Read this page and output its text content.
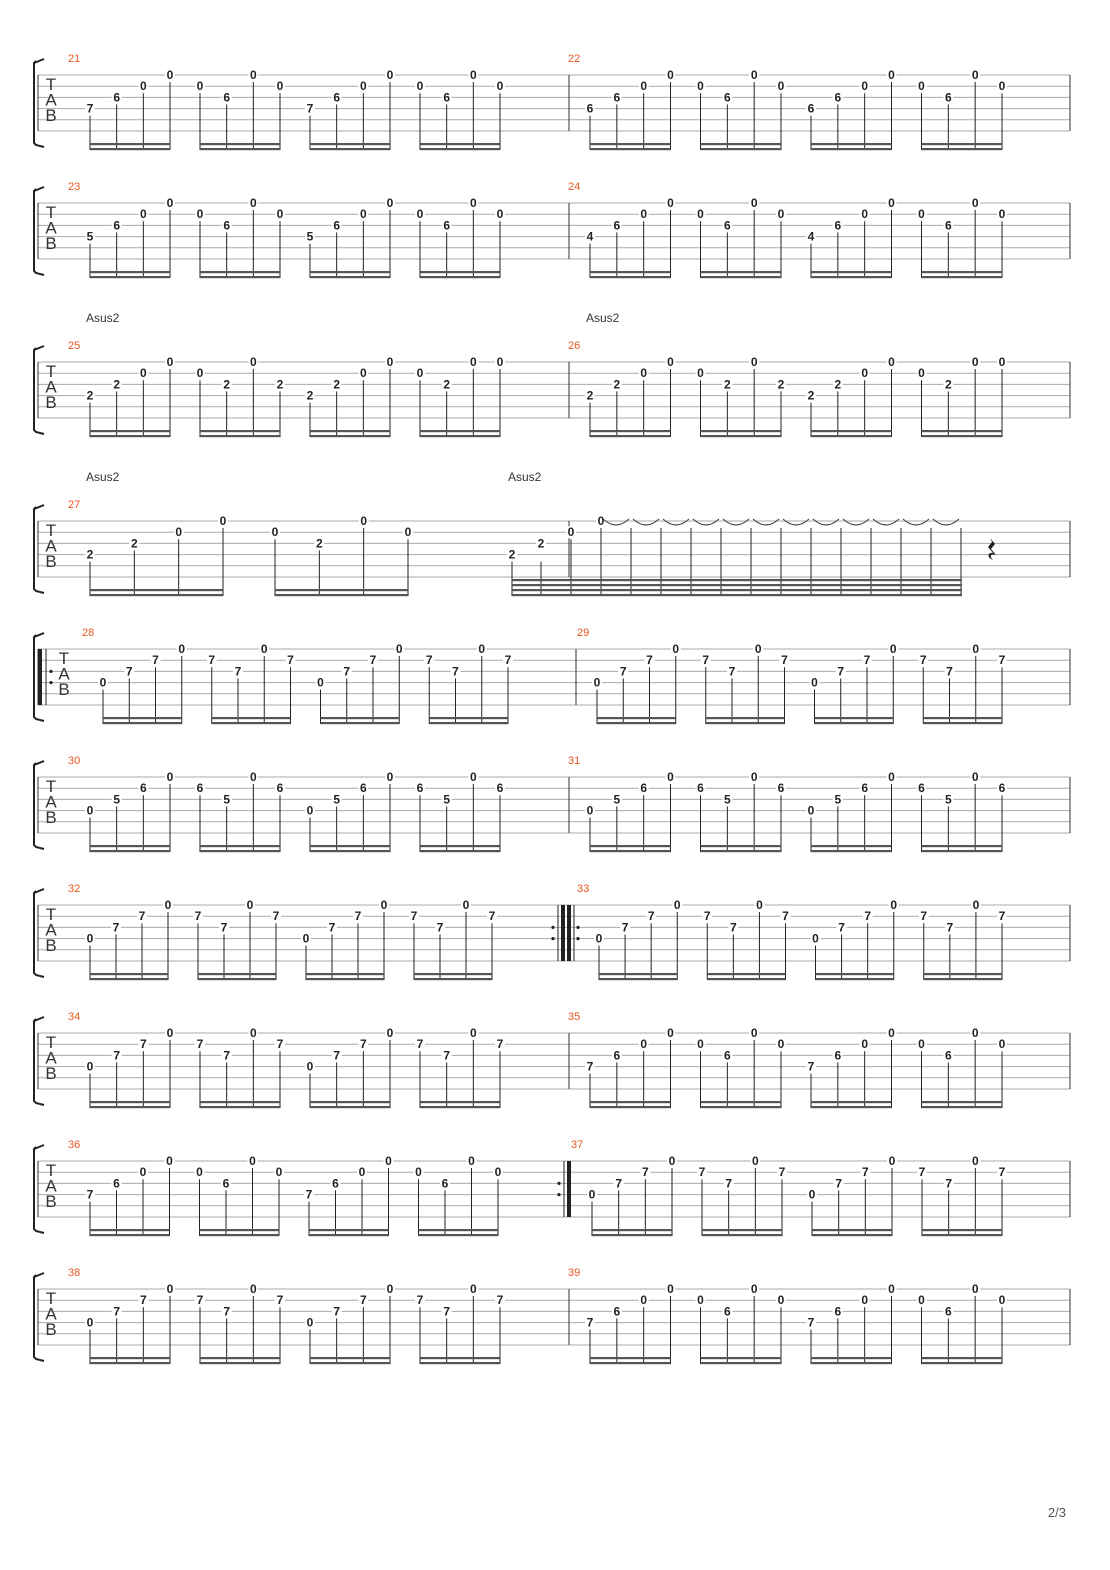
T
A
B
21
7
6
0
0
0
6
0
0
7
6
0
0
0
6
0
0
22
6
6
0
0
0
6
0
0
6
6
0
0
0
6
0
0
T
A
B
23
5
6
0
0
0
6
0
0
5
6
0
0
0
6
0
0
24
4
6
0
0
0
6
0
0
4
6
0
0
0
6
0
0
T
A
B
25
Asus2
2
2
0
0
0
2
0
2
2
2
0
0
0
2
0 0
26
Asus2
2
2
0
0
0
2
0
2
2
2
0
0
0
2
0 0
T
A
B
27
Asus2
2
2
0
0
0
2
0
0
Asus2
2
2
0
0
T
A
B
28
0
7
7
0
7
7
0
7
0
7
7
0
7
7
0
7
29
0
7
7
0
7
7
0
7
0
7
7
0
7
7
0
7
T
A
B
30
0
5
6
0
6
5
0
6
0
5
6
0
6
5
0
6
31
0
5
6
0
6
5
0
6
0
5
6
0
6
5
0
6
T
A
B
32
0
7
7
0
7
7
0
7
0
7
7
0
7
7
0
7
33
0
7
7
0
7
7
0
7
0
7
7
0
7
7
0
7
T
A
B
34
0
7
7
0
7
7
0
7
0
7
7
0
7
7
0
7
35
7
6
0
0
0
6
0
0
7
6
0
0
0
6
0
0
T
A
B
36
7
6
0
0
0
6
0
0
7
6
0
0
0
6
0
0
37
0
7
7
0
7
7
0
7
0
7
7
0
7
7
0
7
T
A
B
38
0
7
7
0
7
7
0
7
0
7
7
0
7
7
0
7
39
7
6
0
0
0
6
0
0
7
6
0
0
0
6
0
0
2/3
